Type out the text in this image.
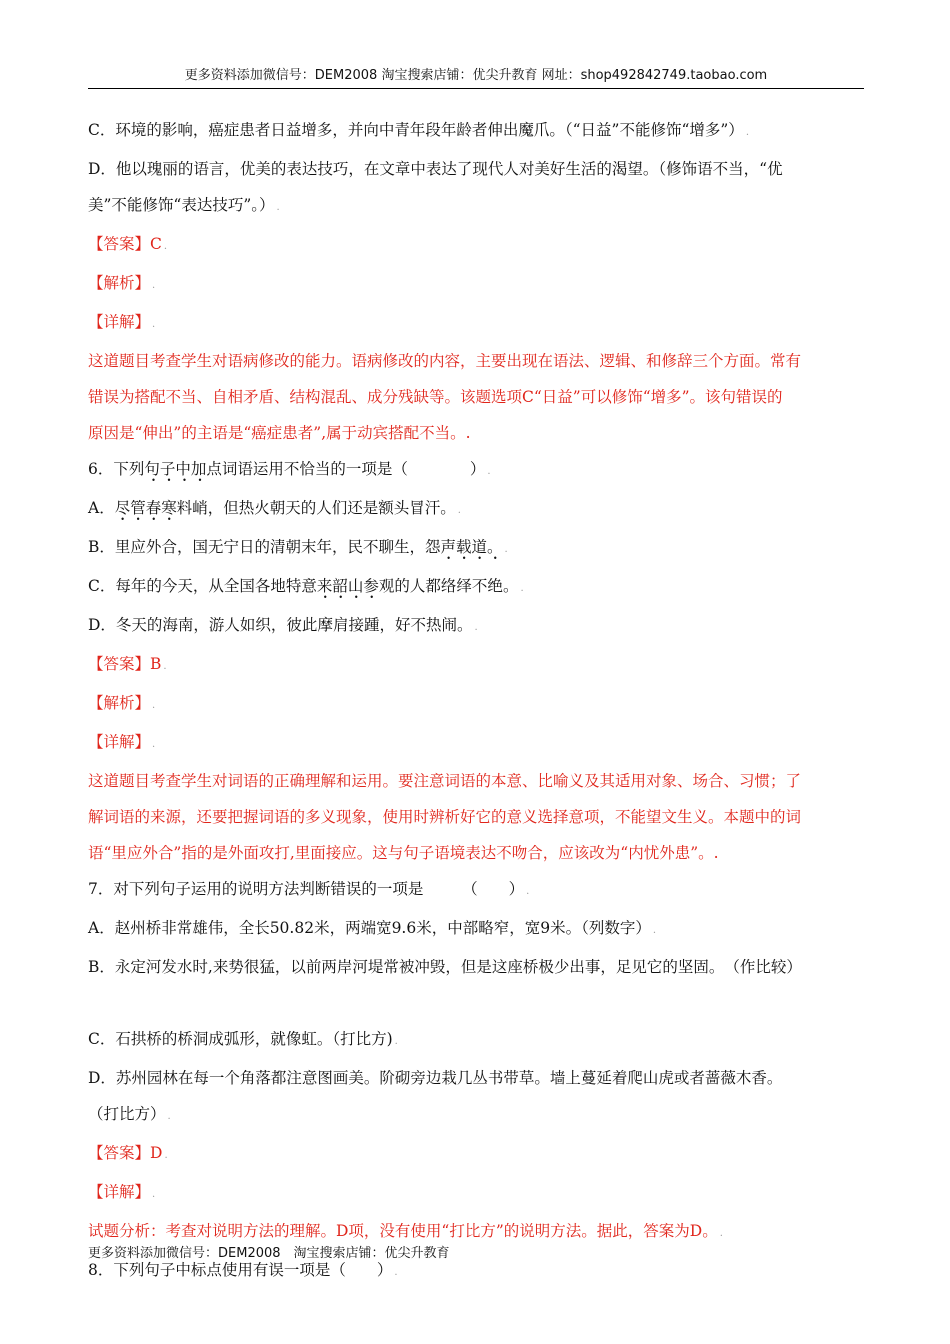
更多资料添加微信号：DEM2008 淘宝搜索店铺：优尖升教育 网址：shop492842749.taobao.com
C．环境的影响，癌症患者日益增多，并向中青年段年龄者伸出魔爪。（“日益”不能修饰“增多”） .
D．他以瑰丽的语言，优美的表达技巧，在文章中表达了现代人对美好生活的渴望。（修饰语不当，“优
美”不能修饰“表达技巧”。） .
【答案】C .
【解析】 .
【详解】 .
这道题目考查学生对语病修改的能力。语病修改的内容，主要出现在语法、逻辑、和修辞三个方面。常有
错误为搭配不当、自相矛盾、结构混乱、成分残缺等。该题选项C“日益”可以修饰“增多”。该句错误的
原因是“伸出”的主语是“癌症患者”,属于动宾搭配不当。.
6．下列句子中加点词语运用不恰当的一项是（　　　　） .
A．尽管春寒料峭，但热火朝天的人们还是额头冒汗。 .
B．里应外合，国无宁日的清朝末年，民不聊生，怨声载道。 .
C．每年的今天，从全国各地特意来韶山参观的人都络绎不绝。 .
D．冬天的海南，游人如织，彼此摩肩接踵，好不热闹。 .
【答案】B .
【解析】 .
【详解】 .
这道题目考查学生对词语的正确理解和运用。要注意词语的本意、比喻义及其适用对象、场合、习惯；了
解词语的来源，还要把握词语的多义现象，使用时辨析好它的意义选择意项，不能望文生义。本题中的词
语“里应外合”指的是外面攻打,里面接应。这与句子语境表达不吻合，应该改为“内忧外患”。.
7．对下列句子运用的说明方法判断错误的一项是　　　（　　） .
A．赵州桥非常雄伟，全长50.82米，两端宽9.6米，中部略窄，宽9米。（列数字） .
B．永定河发水时,来势很猛，以前两岸河堤常被冲毁，但是这座桥极少出事，足见它的坚固。　（作比较）
C．石拱桥的桥洞成弧形，就像虹。（打比方) .
D．苏州园林在每一个角落都注意图画美。阶砌旁边栽几丛书带草。墙上蔓延着爬山虎或者蔷薇木香。
（打比方） .
【答案】D .
【详解】 .
试题分析：考查对说明方法的理解。D项，没有使用“打比方”的说明方法。据此，答案为D。 .
8．下列句子中标点使用有误一项是（　　） .
更多资料添加微信号：DEM2008　淘宝搜索店铺：优尖升教育
